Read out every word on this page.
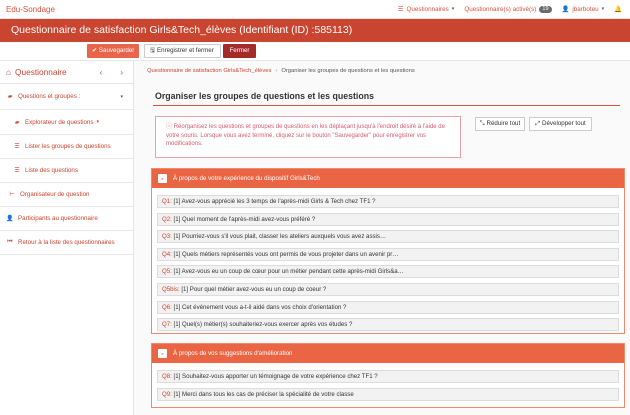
Edu-Sondage	☰ Questionnaires ▾ Questionnaire(s) activé(s)	19	👤 jbarboteu ▾ 🔔
Questionnaire de satisfaction Girls&Tech_élèves (Identifiant (ID) :585113)
✔ Sauvegarder	🖫 Enregistrer et fermer	Fermer
⌂ Questionnaire	‹ ›
▰ Questions et groupes :	▾
▰ Explorateur de questions ▾
☰ Lister les groupes de questions
☰ Liste des questions
⊢ Organisateur de question
👤 Participants au questionnaire
⏮ Retour à la liste des questionnaires
Questionnaire de satisfaction Girls&Tech_élèves › Organiser les groupes de questions et les questions
Organiser les groupes de questions et les questions
ⓘ Réorganisez les questions et groupes de questions en les déplaçant jusqu'à l'endroit désiré à l'aide de votre souris. Lorsque vous avez terminé, cliquez sur le bouton "Sauvegarder" pour enregistrer vos modifications.
⤡ Réduire tout	⤢ Développer tout
-	À propos de votre expérience du dispositif Girls&Tech
Q1: [1] Avez-vous apprécié les 3 temps de l'après-midi Girls & Tech chez TF1 ?
Q2: [1] Quel moment de l'après-midi avez-vous préféré ?
Q3: [1] Pourriez-vous s'il vous plait, classer les ateliers auxquels vous avez assis…
Q4: [1] Quels métiers représentés vous ont permis de vous projeter dans un avenir pr…
Q5: [1] Avez-vous eu un coup de cœur pour un métier pendant cette après-midi Girls&a…
Q5bis: [1] Pour quel métier avez-vous eu un coup de coeur ?
Q6: [1] Cet événement vous a-t-il aidé dans vos choix d'orientation ?
Q7: [1] Quel(s) métier(s) souhaiteriez-vous exercer après vos études ?
-	À propos de vos suggestions d'amélioration
Q8: [1] Souhaitez-vous apporter un témoignage de votre expérience chez TF1 ?
Q9: [1] Merci dans tous les cas de préciser la spécialité de votre classe
